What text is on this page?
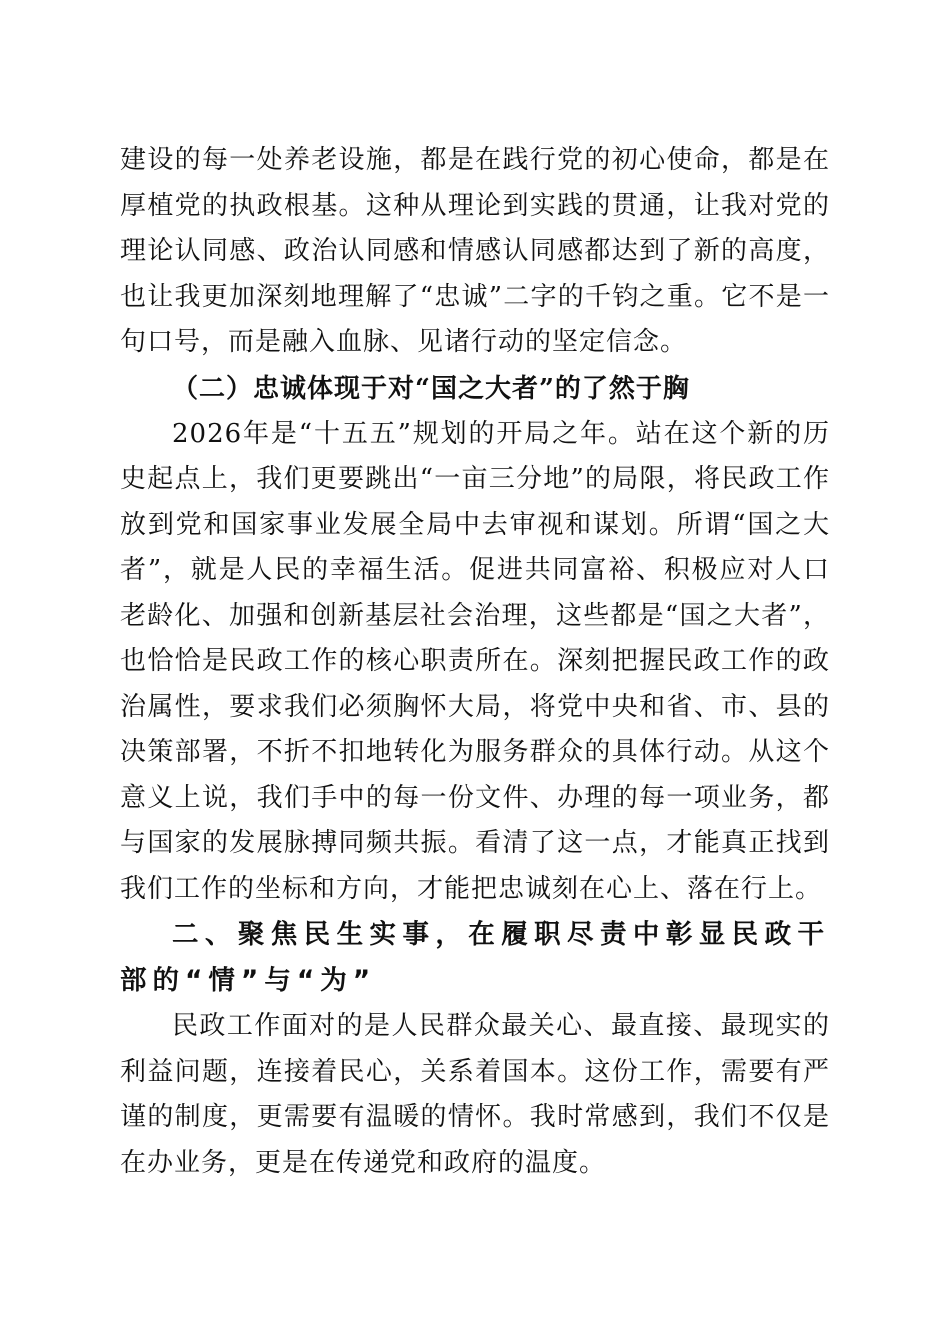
建设的每一处养老设施，都是在践行党的初心使命，都是在厚植党的执政根基。这种从理论到实践的贯通，让我对党的理论认同感、政治认同感和情感认同感都达到了新的高度，也让我更加深刻地理解了“忠诚”二字的千钧之重。它不是一句口号，而是融入血脉、见诸行动的坚定信念。

（二）忠诚体现于对“国之大者”的了然于胸

2026年是“十五五”规划的开局之年。站在这个新的历史起点上，我们更要跳出“一亩三分地”的局限，将民政工作放到党和国家事业发展全局中去审视和谋划。所谓“国之大者”，就是人民的幸福生活。促进共同富裕、积极应对人口老龄化、加强和创新基层社会治理，这些都是“国之大者”，也恰恰是民政工作的核心职责所在。深刻把握民政工作的政治属性，要求我们必须胸怀大局，将党中央和省、市、县的决策部署，不折不扣地转化为服务群众的具体行动。从这个意义上说，我们手中的每一份文件、办理的每一项业务，都与国家的发展脉搏同频共振。看清了这一点，才能真正找到我们工作的坐标和方向，才能把忠诚刻在心上、落在行上。

二、聚焦民生实事，在履职尽责中彰显民政干部的“情”与“为”

民政工作面对的是人民群众最关心、最直接、最现实的利益问题，连接着民心，关系着国本。这份工作，需要有严谨的制度，更需要有温暖的情怀。我时常感到，我们不仅是在办业务，更是在传递党和政府的温度。
